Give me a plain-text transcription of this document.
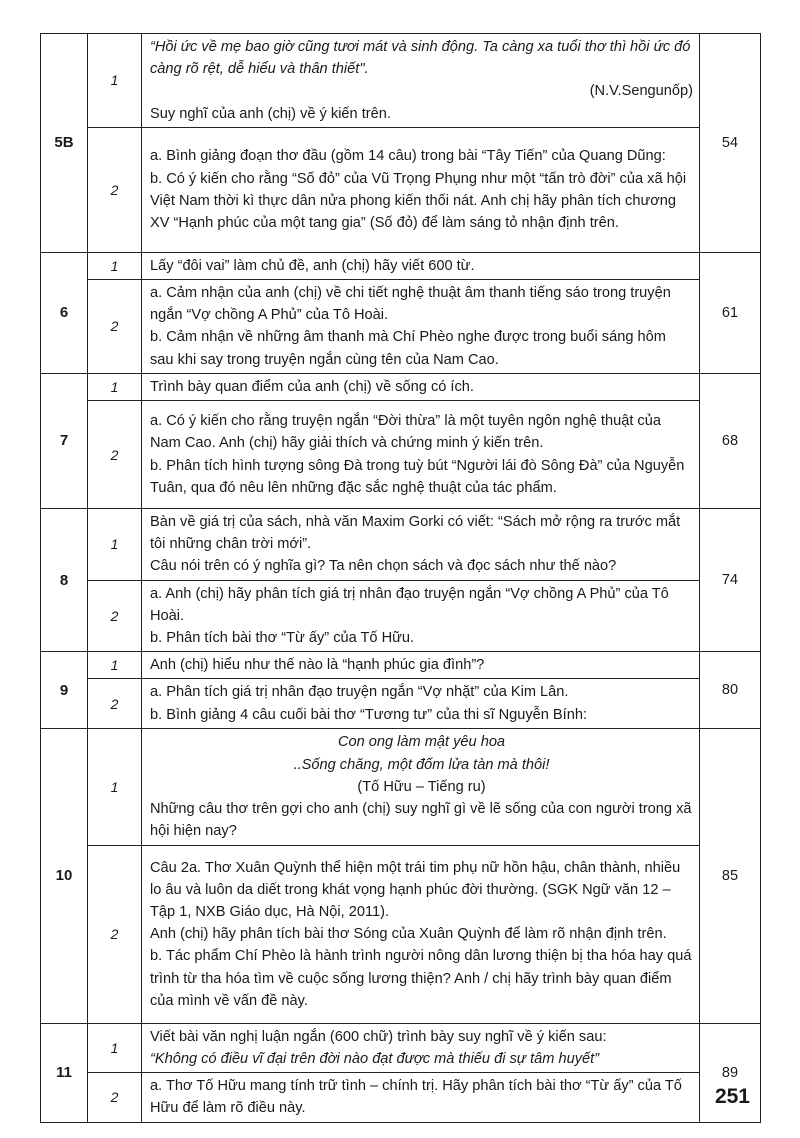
5B	1	“Hồi ức về mẹ bao giờ cũng tươi mát và sinh động. Ta càng xa tuổi thơ thì hồi ức đó càng rõ rệt, dễ hiểu và thân thiết".
(N.V.Sengunốp)
Suy nghĩ của anh (chị) về ý kiến trên.	54
	2	a. Bình giảng đoạn thơ đầu (gồm 14 câu) trong bài “Tây Tiến” của Quang Dũng:
b. Có ý kiến cho rằng “Số đỏ” của Vũ Trọng Phụng như một “tấn trò đời” của xã hội Việt Nam thời kì thực dân nửa phong kiến thối nát. Anh chị hãy phân tích chương XV “Hạnh phúc của một tang gia” (Số đỏ) để làm sáng tỏ nhận định trên.	

6	1	Lấy “đôi vai” làm chủ đề, anh (chị) hãy viết 600 từ.	61
	2	a. Cảm nhận của anh (chị) về chi tiết nghệ thuật âm thanh tiếng sáo trong truyện ngắn “Vợ chồng A Phủ” của Tô Hoài.
b. Cảm nhận về những âm thanh mà Chí Phèo nghe được trong buổi sáng hôm sau khi say trong truyện ngắn cùng tên của Nam Cao.	

7	1	Trình bày quan điểm của anh (chị) về sống có ích.	68
	2	a. Có ý kiến cho rằng truyện ngắn “Đời thừa” là một tuyên ngôn nghệ thuật của Nam Cao. Anh (chị) hãy giải thích và chứng minh ý kiến trên.
b. Phân tích hình tượng sông Đà trong tuỳ bút “Người lái đò Sông Đà” của Nguyễn Tuân, qua đó nêu lên những đặc sắc nghệ thuật của tác phẩm.	

8	1	Bàn về giá trị của sách, nhà văn Maxim Gorki có viết: “Sách mở rộng ra trước mắt tôi những chân trời mới”.
Câu nói trên có ý nghĩa gì? Ta nên chọn sách và đọc sách như thế nào?	74
	2	a. Anh (chị) hãy phân tích giá trị nhân đạo truyện ngắn “Vợ chồng A Phủ” của Tô Hoài.
b. Phân tích bài thơ “Từ ấy” của Tố Hữu.	

9	1	Anh (chị) hiểu như thế nào là “hạnh phúc gia đình”?	80
	2	a. Phân tích giá trị nhân đạo truyện ngắn “Vợ nhặt” của Kim Lân.
b. Bình giảng 4 câu cuối bài thơ “Tương tư” của thi sĩ Nguyễn Bính:	

10	1	Con ong làm mật yêu hoa
..Sống chăng, một đốm lửa tàn mà thôi!
(Tố Hữu – Tiếng ru)
Những câu thơ trên gợi cho anh (chị) suy nghĩ gì về lẽ sống của con người trong xã hội hiện nay?	85
	2	Câu 2a. Thơ Xuân Quỳnh thể hiện một trái tim phụ nữ hồn hậu, chân thành, nhiều lo âu và luôn da diết trong khát vọng hạnh phúc đời thường. (SGK Ngữ văn 12 – Tập 1, NXB Giáo dục, Hà Nội, 2011).
Anh (chị) hãy phân tích bài thơ Sóng của Xuân Quỳnh để làm rõ nhận định trên.
b. Tác phẩm Chí Phèo là hành trình người nông dân lương thiện bị tha hóa hay quá trình từ tha hóa tìm về cuộc sống lương thiện? Anh / chị hãy trình bày quan điểm của mình về vấn đề này.	

11	1	Viết bài văn nghị luận ngắn (600 chữ) trình bày suy nghĩ về ý kiến sau:
“Không có điều vĩ đại trên đời nào đạt được mà thiếu đi sự tâm huyết”	89
	2	a. Thơ Tố Hữu mang tính trữ tình – chính trị. Hãy phân tích bài thơ “Từ ấy” của Tố Hữu để làm rõ điều này.	
251
